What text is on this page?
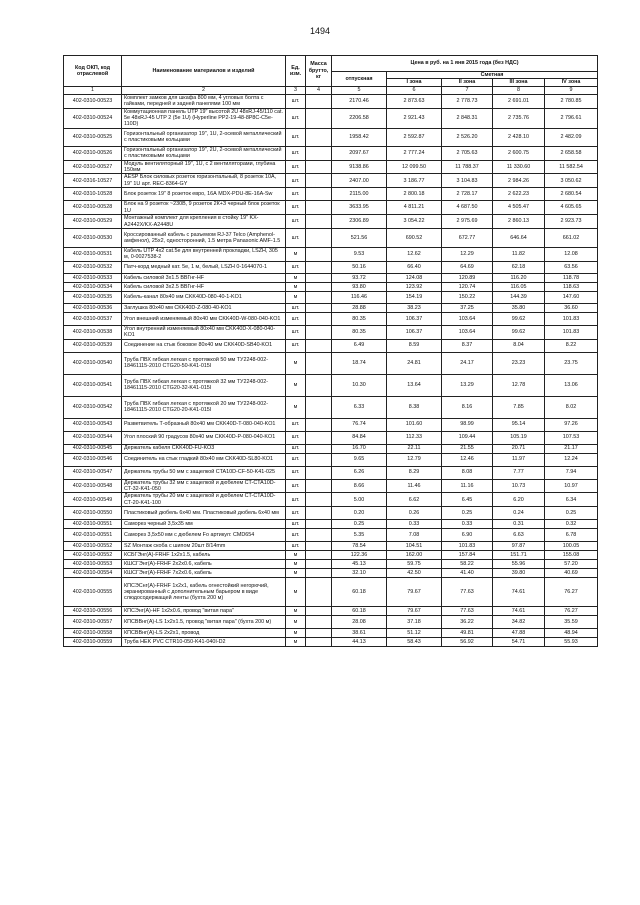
1494
Код ОКП, код отраслевой	Наименование материалов и изделий	Ед. изм.	Масса брутто, кг	Цена в руб. на 1 янв 2015 года (без НДС)				
				отпускная	Сметная			
					I зона	II зона	III зона	IV зона
1	2	3	4	5	6	7	8	9
402-0310-00523	Комплект замков для шкафа 800 мм, 4 угловых болта с гайками, передней и задней панелями 100 мм	шт.		2170.46	2 873.63	2 778.73	2 691.01	2 780.85
402-0310-00524	Коммутационная панель UTP 19" высотой 2U 48xRJ-45/110 cat. 5e 48xRJ-45 UTP 2 (5e 1U) (Hyperline PP2-19-48-8P8C-C5e-110D)	шт.		2206.58	2 921.43	2 848.31	2 735.76	2 796.61
402-0310-00525	Горизонтальный организатор 19", 1U, 2-осевой металлический с пластиковыми кольцами	шт.		1958.42	2 592.87	2 526.20	2 428.10	2 482.09
402-0310-00526	Горизонтальный организатор 19", 2U, 2-осевой металлический с пластиковыми кольцами	шт.		2097.67	2 777.24	2 705.63	2 600.75	2 658.58
402-0310-00527	Модуль вентиляторный 19", 1U, с 2 вентиляторами, глубина 150мм	шт.		9138.86	12 099.50	11 788.37	11 330.60	11 582.54
402-0316-10527	AESP Блок силовых розеток горизонтальный, 8 розеток 10А, 19" 1U арт. REC-8364-GY	шт.		2407.00	3 186.77	3 104.83	2 984.26	3 050.62
402-0310-10528	Блок розеток 19" 8 розеток евро, 16А MDX-PDU-8E-16A-Sw	шт.		2115.00	2 800.18	2 728.17	2 622.23	2 680.54
402-0310-00528	Блок на 9 розеток ~230В, 9 розеток 2К+З черный блок розеток 1U	шт.		3633.95	4 811.21	4 687.50	4 505.47	4 605.65
402-0310-00529	Монтажный комплект для крепления в стойку 19" KX-A2442X/KX-A2448U	шт.		2306.89	3 054.22	2 975.69	2 860.13	2 923.73
402-0310-00530	Кроссированный кабель с разъемом RJ-37 Telco (Amphenol-амфенол), 25х2, односторонний, 1.5 метра Panasonic AMF-1.5	шт.		521.56	690.52	672.77	646.64	661.02
402-0310-00531	Кабель UTP 4x2 cat.5e для внутренней прокладки, LSZH, 305 м, 0-0027538-2	м		9.53	12.62	12.29	11.82	12.08
402-0310-00532	Патч-корд медный кат. 5e, 1 м, белый, LSZH 0-1644070-1	шт.		50.16	66.40	64.69	62.18	63.56
402-0310-00533	Кабель силовой 3х1.5 ВВГнг-HF	м		93.72	124.08	120.89	116.20	118.78
402-0310-00534	Кабель силовой 3х2.5 ВВГнг-HF	м		93.80	123.92	120.74	116.05	118.63
402-0310-00535	Кабель-канал 80х40 мм CKK40D-080-40-1-KO1	м		116.46	154.19	150.22	144.39	147.60
402-0310-00536	Заглушка 80х40 мм CKK40D-Z-080-40-KO1	шт.		28.88	38.23	37.25	35.80	36.60
402-0310-00537	Угол внешний изменяемый 80х40 мм CKK40D-W-080-040-KO1	шт.		80.35	106.37	103.64	99.62	101.83
402-0310-00538	Угол внутренний изменяемый 80х40 мм CKK40D-X-080-040-KO1	шт.		80.35	106.37	103.64	99.62	101.83
402-0310-00539	Соединение на стык боковое 80х40 мм CKK40D-SB40-KO1	шт.		6.49	8.59	8.37	8.04	8.22
402-0310-00540	Труба ПВХ гибкая легкая с протяжкой 50 мм ТУ2248-002-18461115-2010 CTG20-50-K41-015I	м		18.74	24.81	24.17	23.23	23.75
402-0310-00541	Труба ПВХ гибкая легкая с протяжкой 32 мм ТУ2248-002-18461115-2010 CTG20-32-K41-015I	м		10.30	13.64	13.29	12.78	13.06
402-0310-00542	Труба ПВХ гибкая легкая с протяжкой 20 мм ТУ2248-002-18461115-2010 CTG20-20-K41-015I	м		6.33	8.38	8.16	7.85	8.02
402-0310-00543	Разветвитель Т-образный 80х40 мм CKK40D-T-080-040-KO1	шт.		76.74	101.60	98.99	95.14	97.26
402-0310-00544	Угол плоский 90 градусов 80х40 мм CKK40D-P-080-040-KO1	шт.		84.84	112.33	109.44	105.19	107.53
402-0310-00545	Держатель кабеля CKK40D-FU-KO3	шт.		16.70	22.11	21.55	20.71	21.17
402-0310-00546	Соединитель на стык гладкий 80х40 мм CKK40D-SL80-KO1	шт.		9.65	12.79	12.46	11.97	12.24
402-0310-00547	Держатель трубы 50 мм с защелкой CTA10D-CF-50-K41-025	шт.		6.26	8.29	8.08	7.77	7.94
402-0310-00548	Держатель трубы 32 мм с защелкой и дюбелем CT-CTA10D-CT-32-K41-050	шт.		8.66	11.46	11.16	10.73	10.97
402-0310-00549	Держатель трубы 20 мм с защелкой и дюбелем CT-CTA10D-CT-20-K41-100	шт.		5.00	6.62	6.45	6.20	6.34
402-0310-00550	Пластиковый дюбель 6х40 мм. Пластиковый дюбель 6х40 мм	шт.		0.20	0.26	0.25	0.24	0.25
402-0310-00551	Саморез черный 3,5х35 мм	шт.		0.25	0.33	0.33	0.31	0.32
402-0310-00551	Саморез 3,5х50 мм с дюбелем Fo артикул: CMD654	шт.		5.35	7.08	6.90	6.63	6.78
402-0310-00552	SZ Монтаж скоба с шипом 20шт 8/14mm	шт.		78.54	104.51	101.83	97.87	100.05
402-0310-00552	КСБГЭнг(А)-FRHF 1х2х1.5, кабель	м		122.36	162.00	157.84	151.71	155.08
402-0310-00553	КШСГЭнг(А)-FRHF 2х2х0.6, кабель	м		45.13	59.75	58.22	55.96	57.20
402-0310-00554	КШСГЭнг(А)-FRHF 7х2х0.6, кабель	м		32.10	42.50	41.40	39.80	40.69
402-0310-00555	КПСЭСнг(А)-FRHF 1х2х1, кабель огнестойкий негорючий, экранированный с дополнительным барьером в виде слюдосодержащей ленты (бухта 200 м)	м		60.18	79.67	77.63	74.61	76.27
402-0310-00556	КПСЭнг(А)-HF 1х2х0.6, провод "витая пара"	м		60.18	79.67	77.63	74.61	76.27
402-0310-00557	КПСВВнг(А)-LS 1х2х1.5, провод "витая пара" (бухта 200 м)	м		28.08	37.18	36.22	34.82	35.59
402-0310-00558	КПСВВнг(А)-LS 2х2х1, провод	м		38.61	51.12	49.81	47.88	48.94
402-0310-00559	Труба HEK PVC CTR10-050-K41-040I-D2	м		44.13	58.43	56.92	54.71	55.93
